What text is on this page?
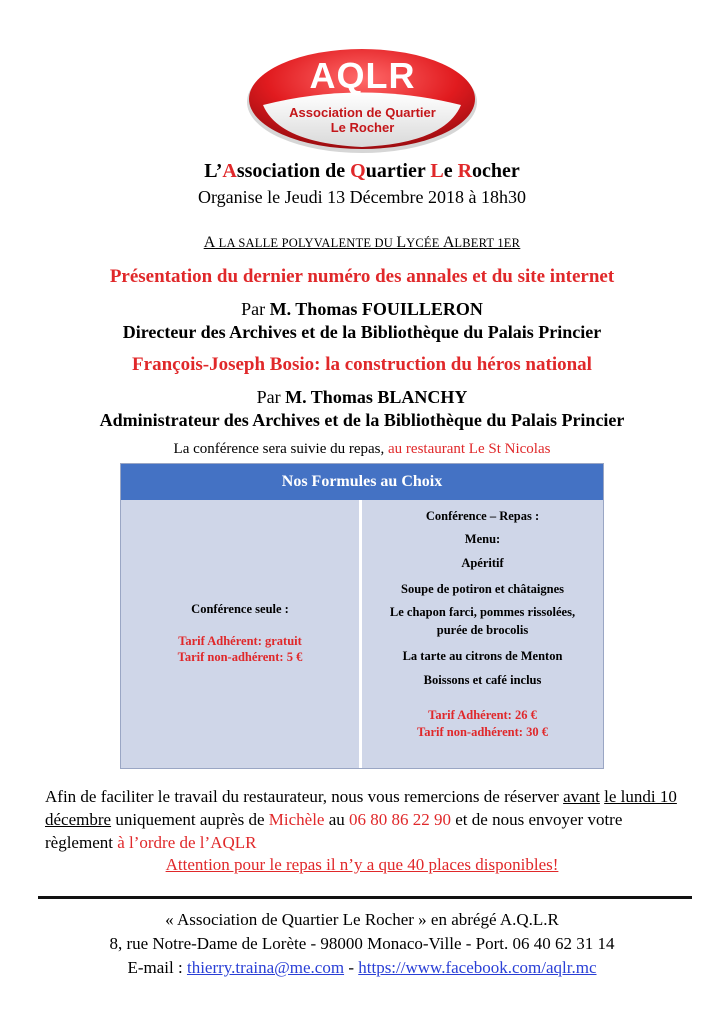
AQLR
Association de Quartier
Le Rocher
L’Association de Quartier Le Rocher
Organise le Jeudi 13 Décembre 2018 à 18h30
A LA SALLE POLYVALENTE DU LYCÉE ALBERT 1ER
Présentation du dernier numéro des annales et du site internet
Par M. Thomas FOUILLERON
Directeur des Archives et de la Bibliothèque du Palais Princier
François-Joseph Bosio: la construction du héros national
Par M. Thomas BLANCHY
Administrateur des Archives et de la Bibliothèque du Palais Princier
La conférence sera suivie du repas, au restaurant Le St Nicolas
Nos Formules au Choix
Conférence seule :
Tarif Adhérent: gratuit
Tarif non-adhérent: 5 €
Conférence – Repas :
Menu:
Apéritif
Soupe de potiron et châtaignes
Le chapon farci, pommes rissolées,
purée de brocolis
La tarte au citrons de Menton
Boissons et café inclus
Tarif Adhérent: 26 €
Tarif non-adhérent: 30 €
Afin de faciliter le travail du restaurateur, nous vous remercions de réserver avant le lundi 10 décembre uniquement auprès de Michèle au 06 80 86 22 90 et de nous envoyer votre règlement à l’ordre de l’AQLR
Attention pour le repas il n’y a que 40 places disponibles!
« Association de Quartier Le Rocher » en abrégé A.Q.L.R
8, rue Notre-Dame de Lorète - 98000 Monaco-Ville - Port. 06 40 62 31 14
E-mail : thierry.traina@me.com - https://www.facebook.com/aqlr.mc
